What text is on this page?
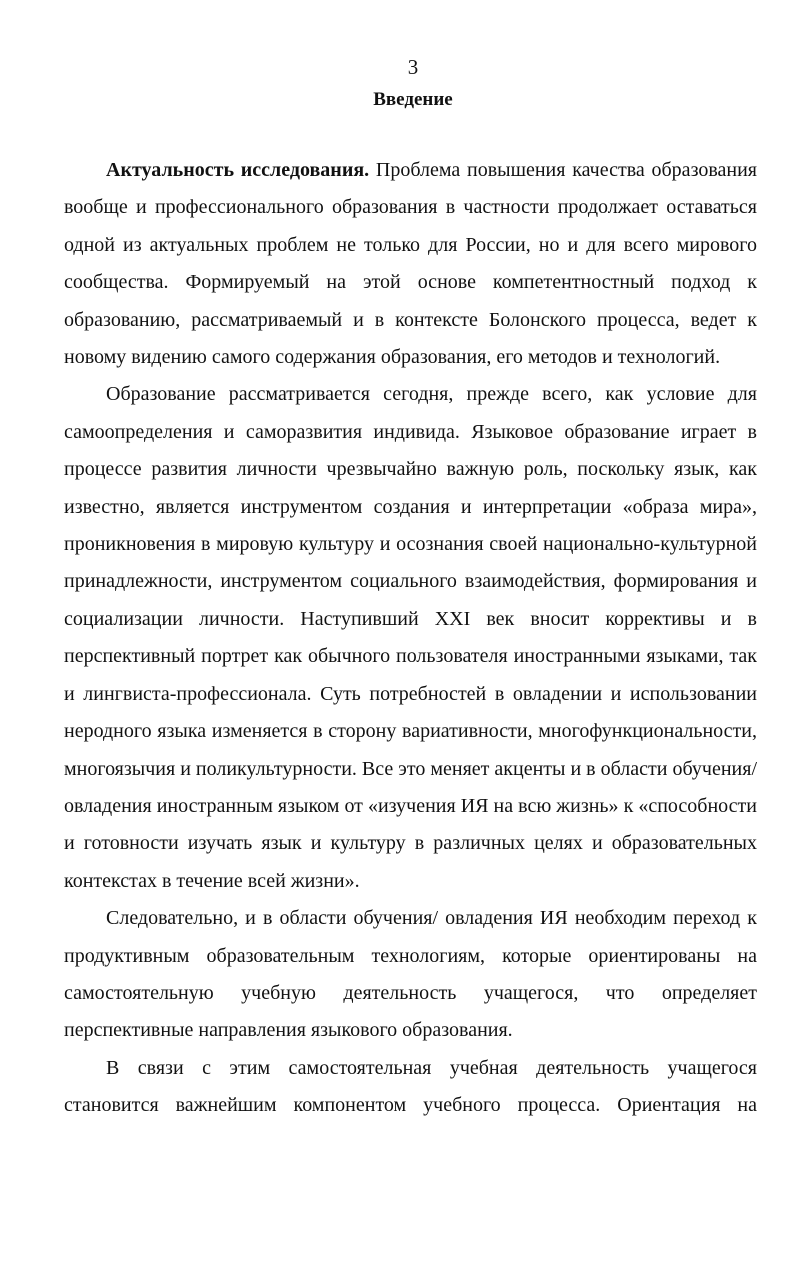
3
Введение

Актуальность исследования. Проблема повышения качества образования вообще и профессионального образования в частности продолжает оставаться одной из актуальных проблем не только для России, но и для всего мирового сообщества. Формируемый на этой основе компетентностный подход к образованию, рассматриваемый и в контексте Болонского процесса, ведет к новому видению самого содержания образования, его методов и технологий.

Образование рассматривается сегодня, прежде всего, как условие для самоопределения и саморазвития индивида. Языковое образование играет в процессе развития личности чрезвычайно важную роль, поскольку язык, как известно, является инструментом создания и интерпретации «образа мира», проникновения в мировую культуру и осознания своей национально-культурной принадлежности, инструментом социального взаимодействия, формирования и социализации личности. Наступивший XXI век вносит коррективы и в перспективный портрет как обычного пользователя иностранными языками, так и лингвиста-профессионала. Суть потребностей в овладении и использовании неродного языка изменяется в сторону вариативности, многофункциональности, многоязычия и поликультурности. Все это меняет акценты и в области обучения/ овладения иностранным языком от «изучения ИЯ на всю жизнь» к «способности и готовности изучать язык и культуру в различных целях и образовательных контекстах в течение всей жизни».

Следовательно, и в области обучения/ овладения ИЯ необходим переход к продуктивным образовательным технологиям, которые ориентированы на самостоятельную учебную деятельность учащегося, что определяет перспективные направления языкового образования.

В связи с этим самостоятельная учебная деятельность учащегося становится важнейшим компонентом учебного процесса. Ориентация на
